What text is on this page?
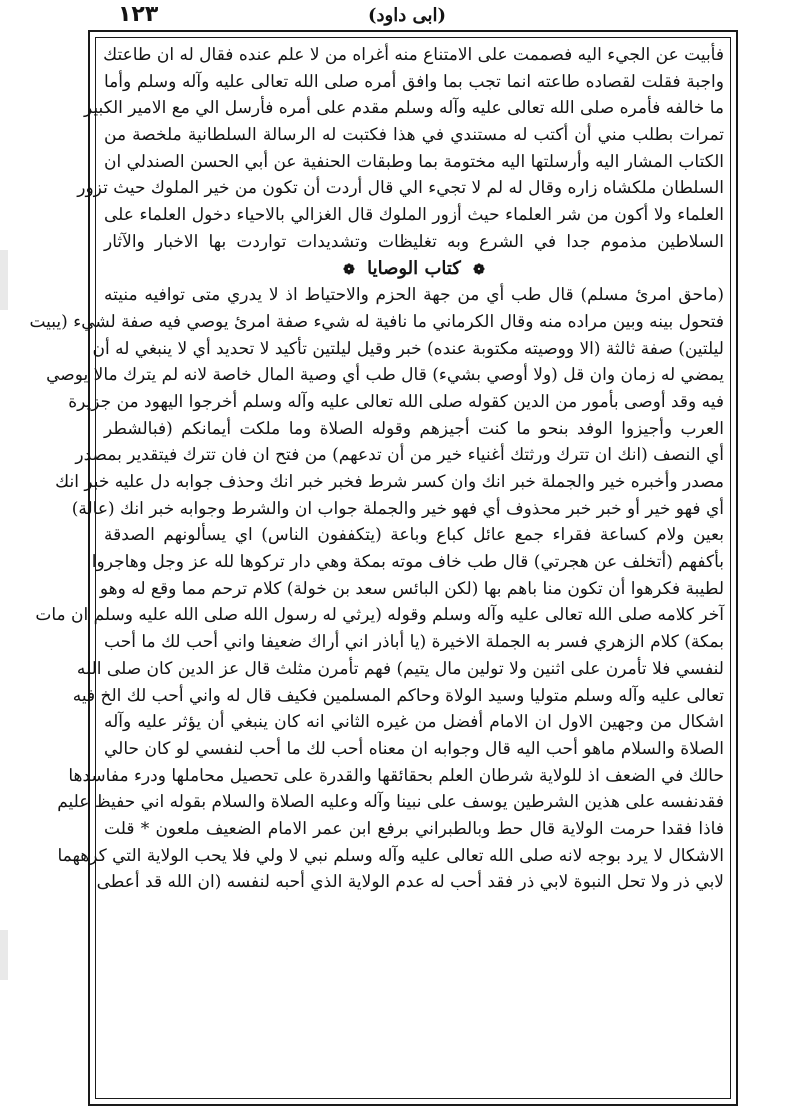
١٢٣	(ابى داود)
فأبيت عن الجيء اليه فصممت على الامتناع منه أغراه من لا علم عنده فقال له ان طاعتك
واجبة فقلت لقصاده طاعته انما تجب بما وافق أمره صلى الله تعالى عليه وآله وسلم وأما
ما خالفه فأمره صلى الله تعالى عليه وآله وسلم مقدم على أمره فأرسل الي مع الامير الكبير
تمرات بطلب مني أن أكتب له مستندي في هذا فكتبت له الرسالة السلطانية ملخصة من
الكتاب المشار اليه وأرسلتها اليه مختومة بما وطبقات الحنفية عن أبي الحسن الصندلي ان
السلطان ملكشاه زاره وقال له لم لا تجيء الي قال أردت أن تكون من خير الملوك حيث تزور
العلماء ولا أكون من شر العلماء حيث أزور الملوك قال الغزالي بالاحياء دخول العلماء على
السلاطين مذموم جدا في الشرع وبه تغليظات وتشديدات تواردت بها الاخبار والآثار
❁ كتاب الوصايا ❁
(ماحق امرئ مسلم) قال طب أي من جهة الحزم والاحتياط اذ لا يدري متى توافيه منيته
فتحول بينه وبين مراده منه وقال الكرماني ما نافية له شيء صفة امرئ يوصي فيه صفة لشيء (يبيت
ليلتين) صفة ثالثة (الا ووصيته مكتوبة عنده) خبر وقيل ليلتين تأكيد لا تحديد أي لا ينبغي له أن
يمضي له زمان وان قل (ولا أوصي بشيء) قال طب أي وصية المال خاصة لانه لم يترك مالا يوصي
فيه وقد أوصى بأمور من الدين كقوله صلى الله تعالى عليه وآله وسلم أخرجوا اليهود من جزيرة
العرب وأجيزوا الوفد بنحو ما كنت أجيزهم وقوله الصلاة وما ملكت أيمانكم (فبالشطر
أي النصف (انك ان تترك ورثتك أغنياء خير من أن تدعهم) من فتح ان فان تترك فيتقدير بمصدر
مصدر وأخبره خير والجملة خبر انك وان كسر شرط فخبر خبر انك وحذف جوابه دل عليه خبر انك
أي فهو خير أو خبر خبر محذوف أي فهو خير والجملة جواب ان والشرط وجوابه خبر انك (عالة)
بعين ولام كساعة فقراء جمع عائل كباع وباعة (يتكففون الناس) اي يسألونهم الصدقة
بأكفهم (أتخلف عن هجرتي) قال طب خاف موته بمكة وهي دار تركوها لله عز وجل وهاجروا
لطيبة فكرهوا أن تكون منا باهم بها (لكن البائس سعد بن خولة) كلام ترحم مما وقع له وهو
آخر كلامه صلى الله تعالى عليه وآله وسلم وقوله (يرثي له رسول الله صلى الله عليه وسلم ان مات
بمكة) كلام الزهري فسر به الجملة الاخيرة (يا أباذر اني أراك ضعيفا واني أحب لك ما أحب
لنفسي فلا تأمرن على اثنين ولا تولين مال يتيم) فهم تأمرن مثلث قال عز الدين كان صلى الله
تعالى عليه وآله وسلم متوليا وسيد الولاة وحاكم المسلمين فكيف قال له واني أحب لك الخ فيه
اشكال من وجهين الاول ان الامام أفضل من غيره الثاني انه كان ينبغي أن يؤثر عليه وآله
الصلاة والسلام ماهو أحب اليه قال وجوابه ان معناه أحب لك ما أحب لنفسي لو كان حالي
حالك في الضعف اذ للولاية شرطان العلم بحقائقها والقدرة على تحصيل محاملها ودرء مفاسدها
فقدنفسه على هذين الشرطين يوسف على نبينا وآله وعليه الصلاة والسلام بقوله اني حفيظ عليم
فاذا فقدا حرمت الولاية قال حط وبالطبراني برفع ابن عمر الامام الضعيف ملعون * قلت
الاشكال لا يرد بوجه لانه صلى الله تعالى عليه وآله وسلم نبي لا ولي فلا يحب الولاية التي كرههما
لابي ذر ولا تحل النبوة لابي ذر فقد أحب له عدم الولاية الذي أحبه لنفسه (ان الله قد أعطى
